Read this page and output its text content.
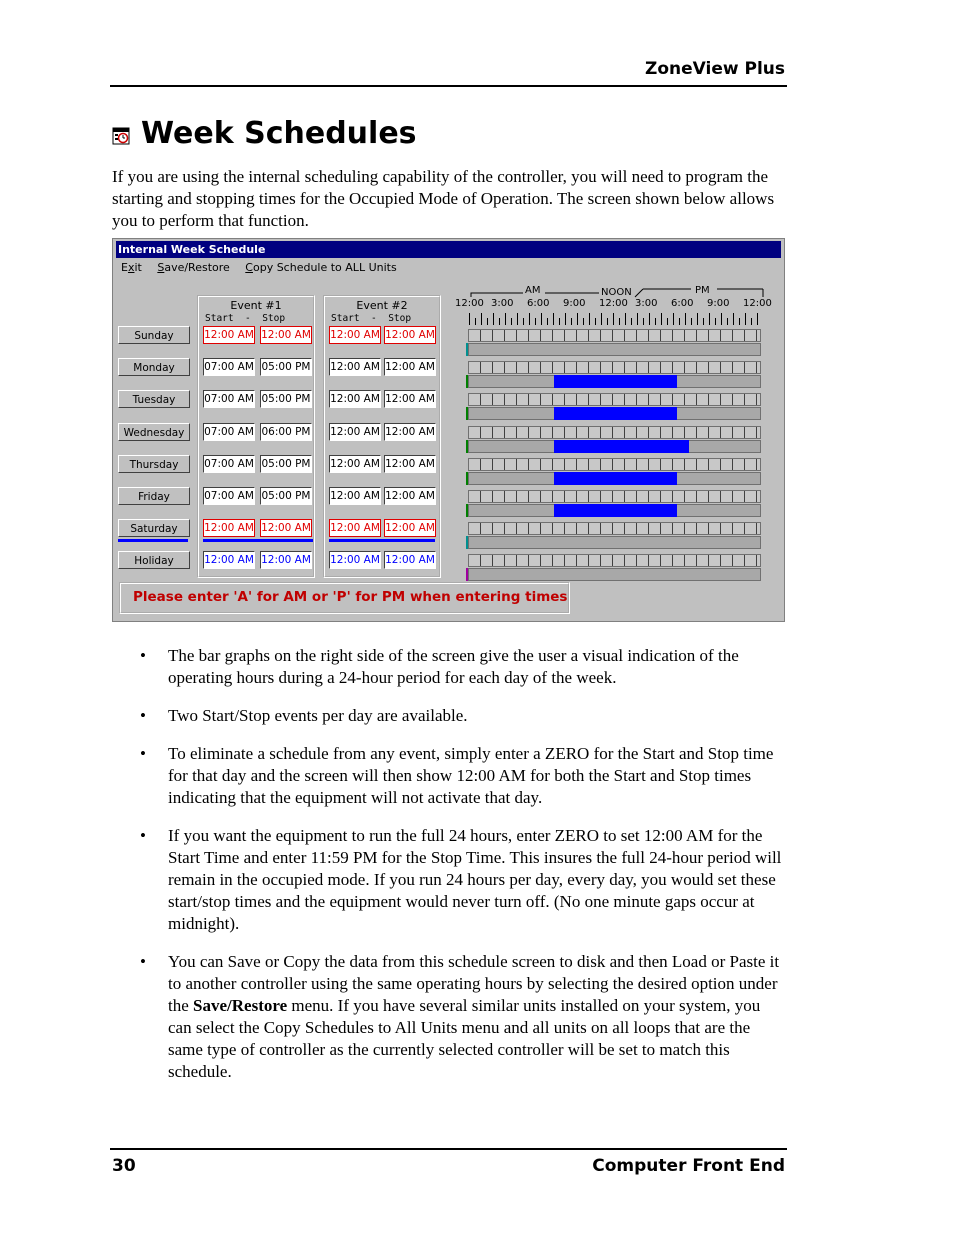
ZoneView Plus
Week Schedules

If you are using the internal scheduling capability of the controller, you will need to program the starting and stopping times for the Occupied Mode of Operation. The screen shown below allows you to perform that function.

Internal Week Schedule
Exit Save/Restore Copy Schedule to ALL Units
Event #1
Start  -  Stop
Event #2
Start  -  Stop
AM	NOON	PM
12:00 3:00 6:00 9:00 12:00 3:00 6:00 9:00 12:00
Sunday	12:00 AM 12:00 AM 12:00 AM 12:00 AM
Monday	07:00 AM 05:00 PM 12:00 AM 12:00 AM
Tuesday	07:00 AM 05:00 PM 12:00 AM 12:00 AM
Wednesday	07:00 AM 06:00 PM 12:00 AM 12:00 AM
Thursday	07:00 AM 05:00 PM 12:00 AM 12:00 AM
Friday	07:00 AM 05:00 PM 12:00 AM 12:00 AM
Saturday	12:00 AM 12:00 AM 12:00 AM 12:00 AM
Holiday	12:00 AM 12:00 AM 12:00 AM 12:00 AM
Please enter 'A' for AM or 'P' for PM when entering times
• The bar graphs on the right side of the screen give the user a visual indication of the operating hours during a 24-hour period for each day of the week.
• Two Start/Stop events per day are available.
• To eliminate a schedule from any event, simply enter a ZERO for the Start and Stop time for that day and the screen will then show 12:00 AM for both the Start and Stop times indicating that the equipment will not activate that day.
• If you want the equipment to run the full 24 hours, enter ZERO to set 12:00 AM for the Start Time and enter 11:59 PM for the Stop Time. This insures the full 24-hour period will remain in the occupied mode. If you run 24 hours per day, every day, you would set these start/stop times and the equipment would never turn off. (No one minute gaps occur at midnight).
• You can Save or Copy the data from this schedule screen to disk and then Load or Paste it to another controller using the same operating hours by selecting the desired option under the Save/Restore menu. If you have several similar units installed on your system, you can select the Copy Schedules to All Units menu and all units on all loops that are the same type of controller as the currently selected controller will be set to match this schedule.
30	Computer Front End
